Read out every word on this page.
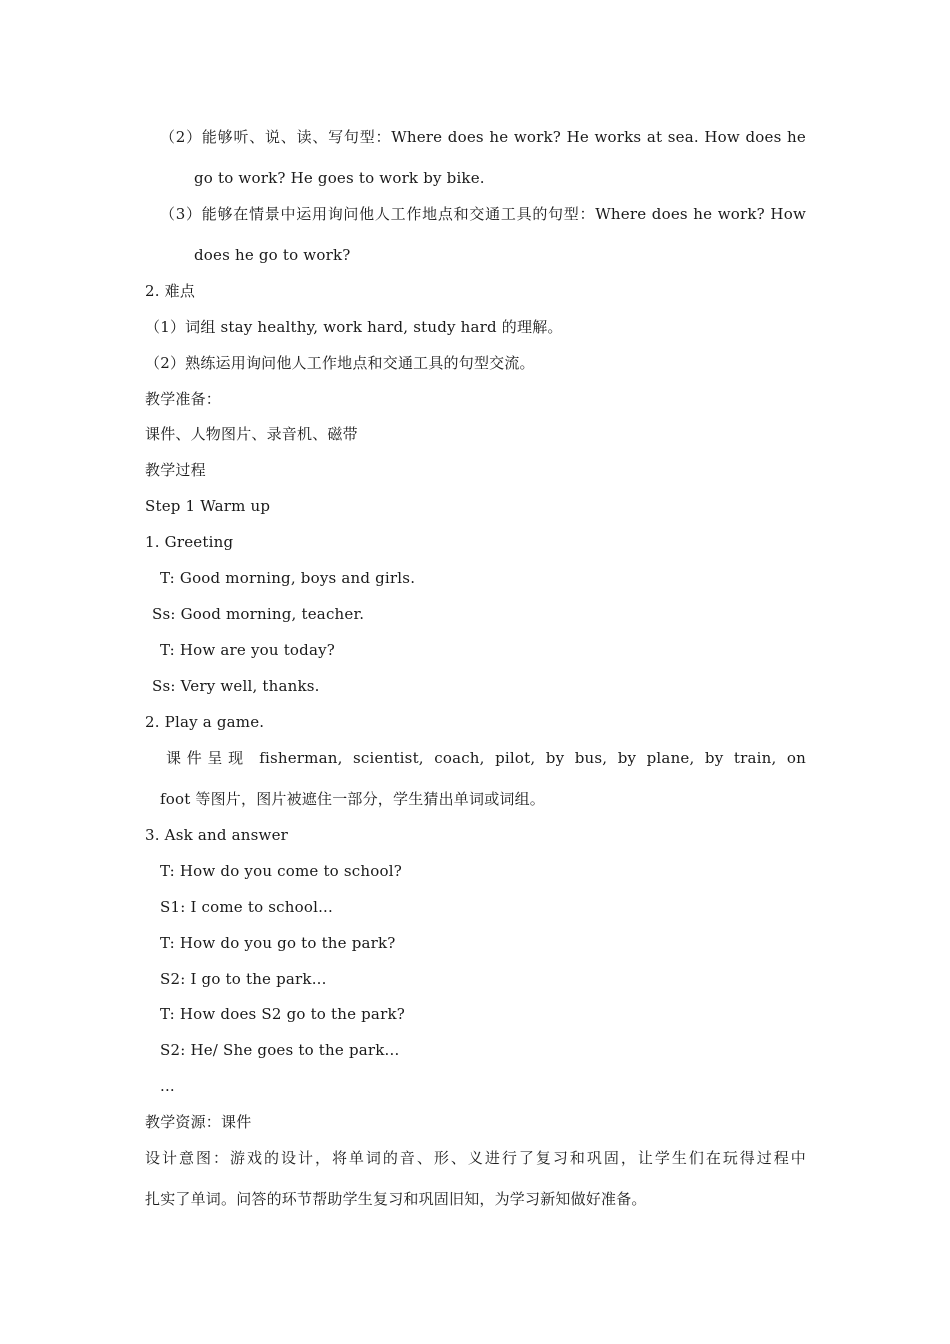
（2）能够听、说、读、写句型：Where does he work? He works at sea. How does he
go to work? He goes to work by bike.
（3）能够在情景中运用询问他人工作地点和交通工具的句型：Where does he work? How
does he go to work?
2. 难点
（1）词组 stay healthy, work hard, study hard 的理解。
（2）熟练运用询问他人工作地点和交通工具的句型交流。
教学准备：
课件、人物图片、录音机、磁带
教学过程
Step 1 Warm up
1. Greeting
T: Good morning, boys and girls.
Ss: Good morning, teacher.
T: How are you today?
Ss: Very well, thanks.
2. Play a game.
课件呈现 fisherman, scientist, coach, pilot, by bus, by plane, by train, on
foot 等图片，图片被遮住一部分，学生猜出单词或词组。
3. Ask and answer
T: How do you come to school?
S1: I come to school...
T: How do you go to the park?
S2: I go to the park...
T: How does S2 go to the park?
S2: He/ She goes to the park...
...
教学资源：课件
设计意图：游戏的设计，将单词的音、形、义进行了复习和巩固，让学生们在玩得过程中
扎实了单词。问答的环节帮助学生复习和巩固旧知，为学习新知做好准备。
